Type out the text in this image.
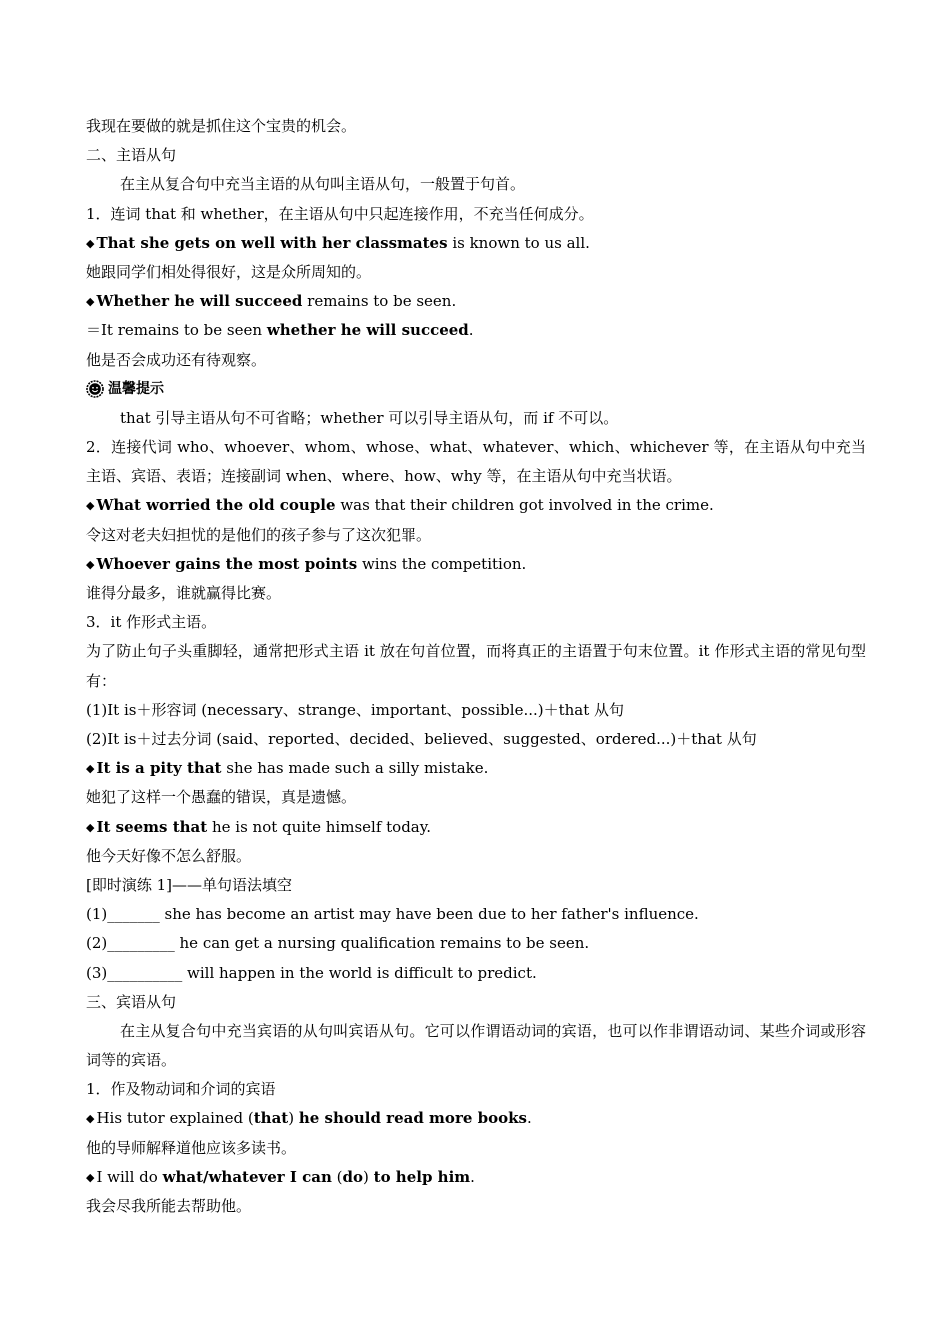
我现在要做的就是抓住这个宝贵的机会。
二、主语从句
在主从复合句中充当主语的从句叫主语从句，一般置于句首。
1．连词 that 和 whether，在主语从句中只起连接作用，不充当任何成分。
◆ That she gets on well with her classmates is known to us all.
她跟同学们相处得很好，这是众所周知的。
◆ Whether he will succeed remains to be seen.
＝It remains to be seen whether he will succeed.
他是否会成功还有待观察。
温馨提示
that 引导主语从句不可省略；whether 可以引导主语从句，而 if 不可以。
2．连接代词 who、whoever、whom、whose、what、whatever、which、whichever 等，在主语从句中充当主语、宾语、表语；连接副词 when、where、how、why 等，在主语从句中充当状语。
◆ What worried the old couple was that their children got involved in the crime.
令这对老夫妇担忧的是他们的孩子参与了这次犯罪。
◆ Whoever gains the most points wins the competition.
谁得分最多，谁就赢得比赛。
3．it 作形式主语。
为了防止句子头重脚轻，通常把形式主语 it 放在句首位置，而将真正的主语置于句末位置。it 作形式主语的常见句型有：
(1)It is＋形容词 (necessary、strange、important、possible...)＋that 从句
(2)It is＋过去分词 (said、reported、decided、believed、suggested、ordered...)＋that 从句
◆ It is a pity that she has made such a silly mistake.
她犯了这样一个愚蠢的错误，真是遗憾。
◆ It seems that he is not quite himself today.
他今天好像不怎么舒服。
[即时演练 1]——单句语法填空
(1)_______ she has become an artist may have been due to her father's influence.
(2)_________ he can get a nursing qualification remains to be seen.
(3)__________ will happen in the world is difficult to predict.
三、宾语从句
在主从复合句中充当宾语的从句叫宾语从句。它可以作谓语动词的宾语，也可以作非谓语动词、某些介词或形容词等的宾语。
1．作及物动词和介词的宾语
◆ His tutor explained (that) he should read more books.
他的导师解释道他应该多读书。
◆ I will do what/whatever I can (do) to help him.
我会尽我所能去帮助他。
